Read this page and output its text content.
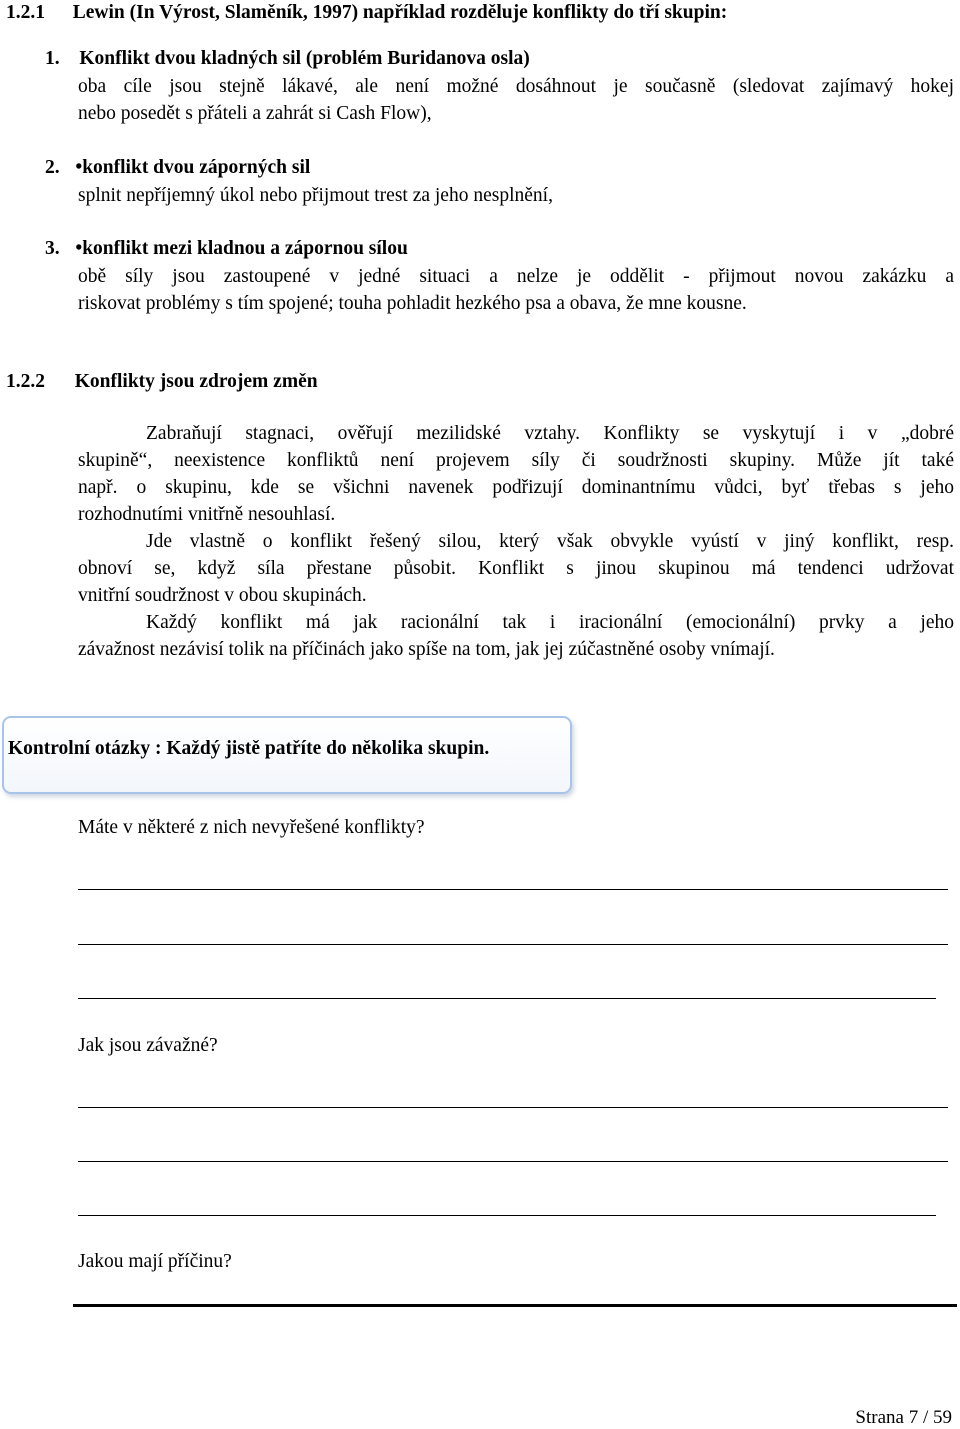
1.2.1 Lewin (In Výrost, Slaměník, 1997) například rozděluje konflikty do tří skupin:
1. Konflikt dvou kladných sil (problém Buridanova osla)
oba cíle jsou stejně lákavé, ale není možné dosáhnout je současně (sledovat zajímavý hokej
nebo posedět s přáteli a zahrát si Cash Flow),
2. •konflikt dvou záporných sil
splnit nepříjemný úkol nebo přijmout trest za jeho nesplnění,
3. •konflikt mezi kladnou a zápornou sílou
obě síly jsou zastoupené v jedné situaci a nelze je oddělit - přijmout novou zakázku a
riskovat problémy s tím spojené; touha pohladit hezkého psa a obava, že mne kousne.
1.2.2 Konflikty jsou zdrojem změn
Zabraňují stagnaci, ověřují mezilidské vztahy. Konflikty se vyskytují i v „dobré
skupině“, neexistence konfliktů není projevem síly či soudržnosti skupiny. Může jít také
např. o skupinu, kde se všichni navenek podřizují dominantnímu vůdci, byť třebas s jeho
rozhodnutími vnitřně nesouhlasí.
Jde vlastně o konflikt řešený silou, který však obvykle vyústí v jiný konflikt, resp.
obnoví se, když síla přestane působit. Konflikt s jinou skupinou má tendenci udržovat
vnitřní soudržnost v obou skupinách.
Každý konflikt má jak racionální tak i iracionální (emocionální) prvky a jeho
závažnost nezávisí tolik na příčinách jako spíše na tom, jak jej zúčastněné osoby vnímají.
Kontrolní otázky : Každý jistě patříte do několika skupin.
Máte v některé z nich nevyřešené konflikty?
Jak jsou závažné?
Jakou mají příčinu?
Strana 7 / 59
